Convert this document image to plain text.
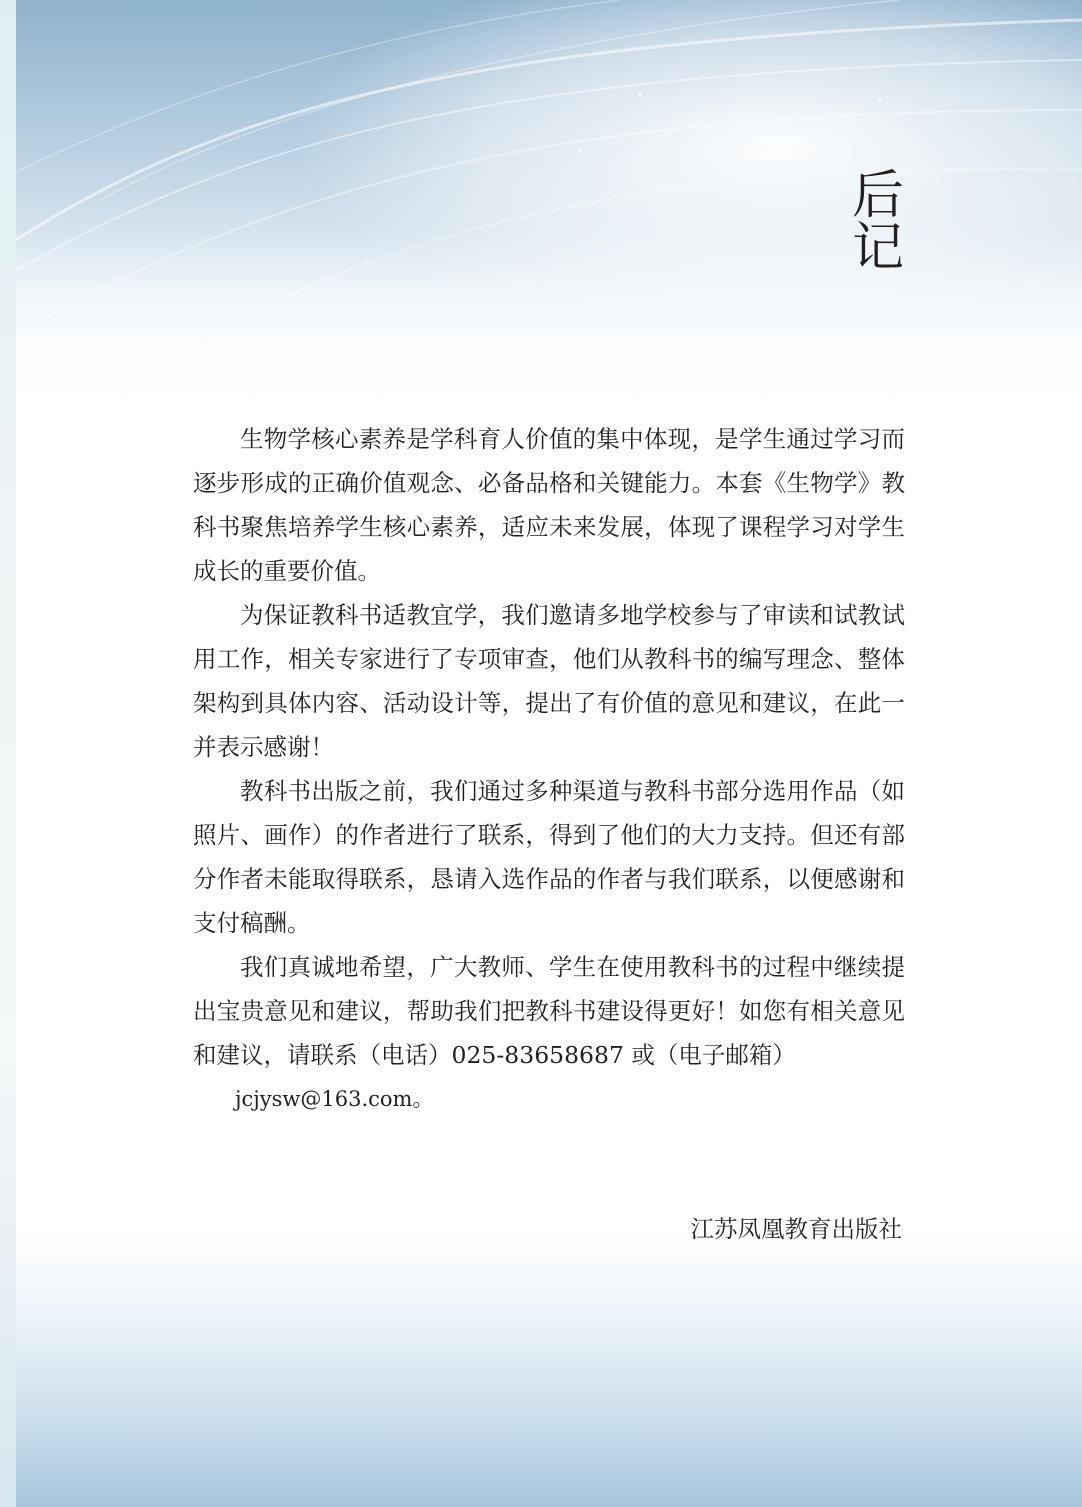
后
记

生物学核心素养是学科育人价值的集中体现，是学生通过学习而逐步形成的正确价值观念、必备品格和关键能力。本套《生物学》教科书聚焦培养学生核心素养，适应未来发展，体现了课程学习对学生成长的重要价值。

为保证教科书适教宜学，我们邀请多地学校参与了审读和试教试用工作，相关专家进行了专项审查，他们从教科书的编写理念、整体架构到具体内容、活动设计等，提出了有价值的意见和建议，在此一并表示感谢！

教科书出版之前，我们通过多种渠道与教科书部分选用作品（如照片、画作）的作者进行了联系，得到了他们的大力支持。但还有部分作者未能取得联系，恳请入选作品的作者与我们联系，以便感谢和支付稿酬。

我们真诚地希望，广大教师、学生在使用教科书的过程中继续提出宝贵意见和建议，帮助我们把教科书建设得更好！如您有相关意见和建议，请联系（电话）025-83658687 或（电子邮箱）

jcjysw@163.com。

江苏凤凰教育出版社
